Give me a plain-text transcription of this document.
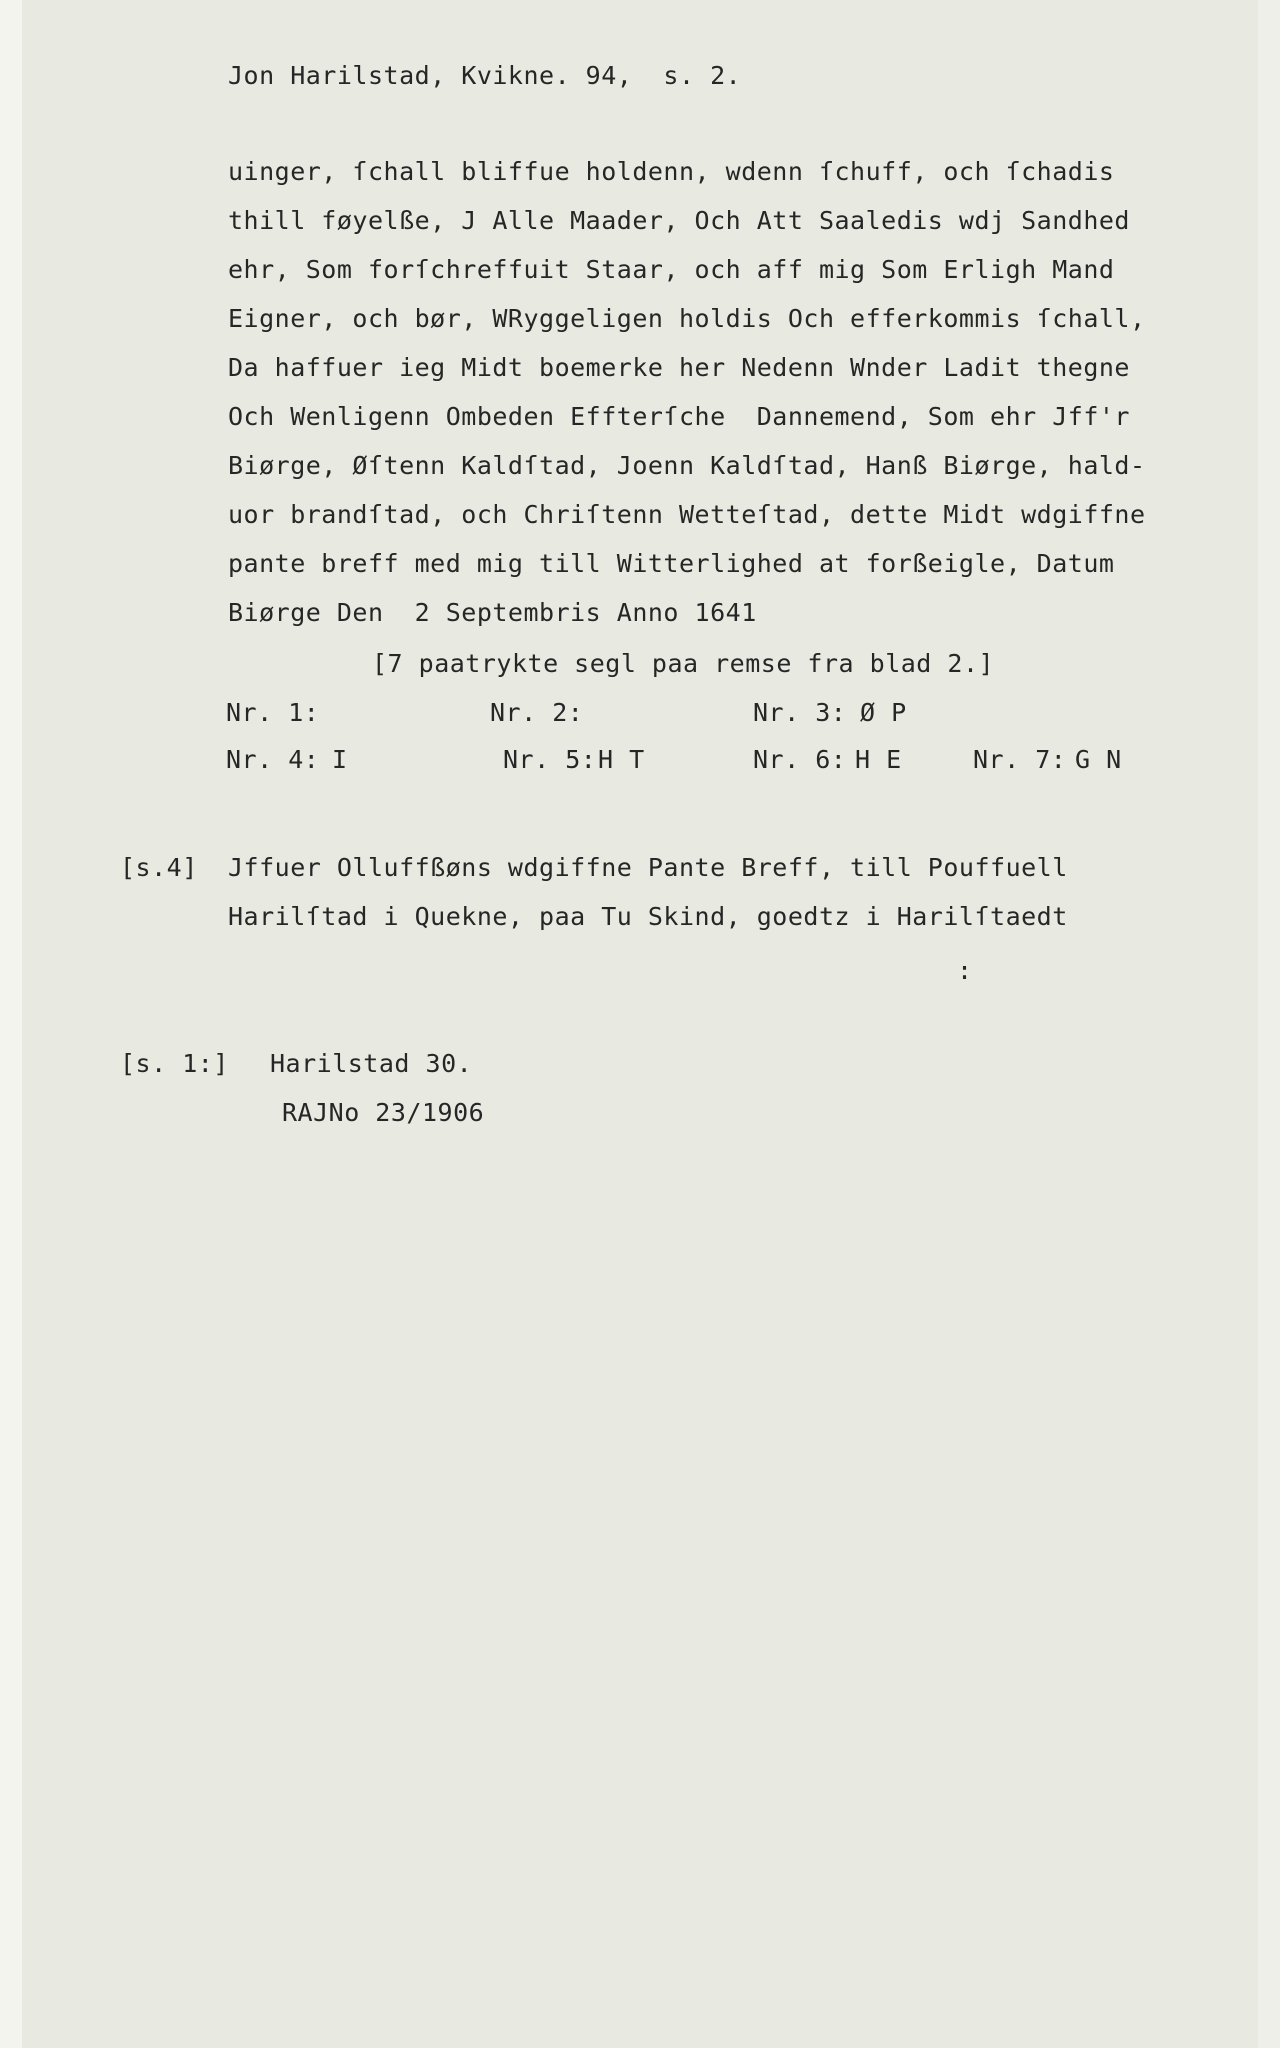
Jon Harilstad, Kvikne. 94,  s. 2.
uinger, ſchall bliffue holdenn, wdenn ſchuff, och ſchadis
thill føyelße, J Alle Maader, Och Att Saaledis wdj Sandhed
ehr, Som forſchreffuit Staar, och aff mig Som Erligh Mand
Eigner, och bør, WRyggeligen holdis Och efferkommis ſchall,
Da haffuer ieg Midt boemerke her Nedenn Wnder Ladit thegne
Och Wenligenn Ombeden Effterſche  Dannemend, Som ehr Jff'r
Biørge, Øſtenn Kaldſtad, Joenn Kaldſtad, Hanß Biørge, hald-
uor brandſtad, och Chriſtenn Wetteſtad, dette Midt wdgiffne
pante breff med mig till Witterlighed at forßeigle, Datum
Biørge Den  2 Septembris Anno 1641
[7 paatrykte segl paa remse fra blad 2.]
Nr. 1:	Nr. 2:	Nr. 3: Ø P
Nr. 4: I	Nr. 5: H T	Nr. 6: H E	Nr. 7: G N
[s.4] Jffuer Olluffßøns wdgiffne Pante Breff, till Pouffuell
Harilſtad i Quekne, paa Tu Skind, goedtz i Harilſtaedt
:
[s. 1:] Harilstad 30.
RAJNo 23/1906
